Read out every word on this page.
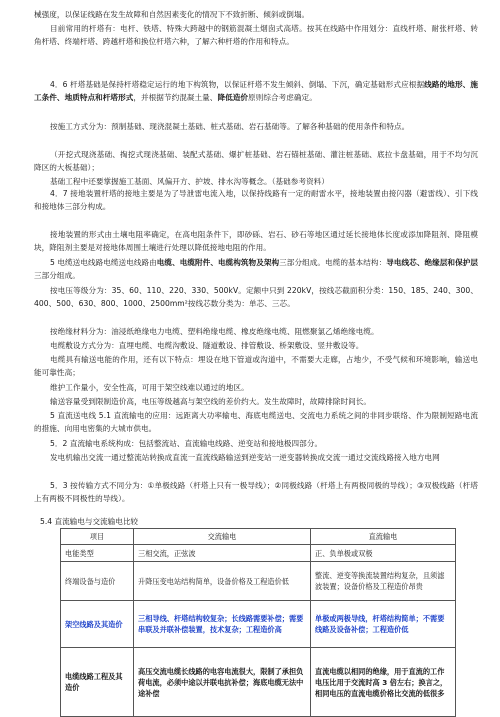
械强度，以保证线路在发生故障和自然因素变化的情况下不致折断、倾斜或倒塌。
目前常用的杆塔有：电杆、铁塔、特殊大跨越中的钢筋混凝土烟囱式高塔。按其在线路中作用划分：直线杆塔、耐张杆塔、转角杆塔、终端杆塔、跨越杆塔和换位杆塔六种，了解六种杆塔的作用和特点。
4．6 杆塔基础是保持杆塔稳定运行的地下构筑物，以保证杆塔不发生倾斜、倒塌、下沉，确定基础形式应根据线路的地形、施工条件、地质特点和杆塔形式，并根据节约混凝土量、降低造价原则综合考虑确定。
按施工方式分为：预制基础、现浇混凝土基础、桩式基础、岩石基础等。了解各种基础的使用条件和特点。
（开挖式现浇基础、掏挖式现浇基础、装配式基础、爆扩桩基础、岩石锚桩基础、灌注桩基础、底拉卡盘基础，用于不均匀沉降区的大板基础）；
基础工程中还要掌握施工基面、风偏开方、护坡、排水沟等概念。（基础参考资料）
4．7 接地装置杆塔的接地主要是为了导泄雷电流入地，以保持线路有一定的耐雷水平，接地装置由接闪器（避雷线）、引下线和接地体三部分构成。
接地装置的形式由土壤电阻率确定，在高电阻条件下，即砂砾、岩石、砂石等地区通过延长接地体长度或添加降阻剂、降阻模块，降阻剂主要是对接地体周围土壤进行处理以降低接地电阻的作用。
5 电缆送电线路电缆送电线路由电缆、电缆附件、电缆构筑物及架构三部分组成。电缆的基本结构：导电线芯、绝缘层和保护层三部分组成。
按电压等级分为：35、60、110、220、330、500kV。定额中只到 220kV，按线芯截面积分类：150、185、240、300、400、500、630、800、1000、2500mm²按线芯数分类为：单芯、三芯。
按绝缘材料分为：油浸纸绝缘电力电缆、塑料绝缘电缆、橡皮绝缘电缆、阻燃聚氯乙烯绝缘电缆。
电缆敷设方式分为：直埋电缆、电缆沟敷设、隧道敷设、排管敷设、桥架敷设、竖井敷设等。
电缆具有输送电能的作用，还有以下特点：埋设在地下管道或沟道中，不需要大走廊，占地少，不受气候和环境影响，输送电能可靠性高；
维护工作量小，安全性高，可用于架空线难以通过的地区。
输送容量受到限制造价高，电压等级越高与架空线的差价约大。发生故障时，故障排除时间长。
5 直流送电线 5.1 直流输电的应用：远距离大功率输电、海底电缆送电、交流电力系统之间的非同步联络、作为限制短路电流的措施、向用电密集的大城市供电。
5．2 直流输电系统构成：包括整流站、直流输电线路、逆变站和接地极四部分。
发电机输出交流一通过整流站转换成直流一直流线路输送到逆变站一逆变器转换成交流一通过交流线路接入地方电网
5．3 按传输方式不同分为：①单极线路（杆塔上只有一极导线）；②同极线路（杆塔上有两极同极的导线）；③双极线路（杆塔上有两极不同极性的导线）。
5.4 直流输电与交流输电比较
项目	交流输电	直流输电
电能类型	三相交流，正弦波	正、负单极或双极
终端设备与造价	升降压变电站结构简单，设备价格及工程造价低	整流、逆变等换流装置结构复杂，且须滤波装置；设备价格及工程造价昂贵
架空线路及其造价	三相导线、杆塔结构较复杂；长线路需要补偿；需要串联及并联补偿装置，技术复杂；工程造价高	单极或两极导线，杆塔结构简单；不需要线路及设备补偿；工程造价低
电缆线路工程及其造价	高压交流电缆长线路的电容电流很大，限制了承担负荷电流，必须中途以并联电抗补偿；海底电缆无法中途补偿	直流电缆以相同的绝缘，用于直流的工作电压比用于交流时高 3 倍左右；换言之，相同电压的直流电缆价格比交流的低很多
